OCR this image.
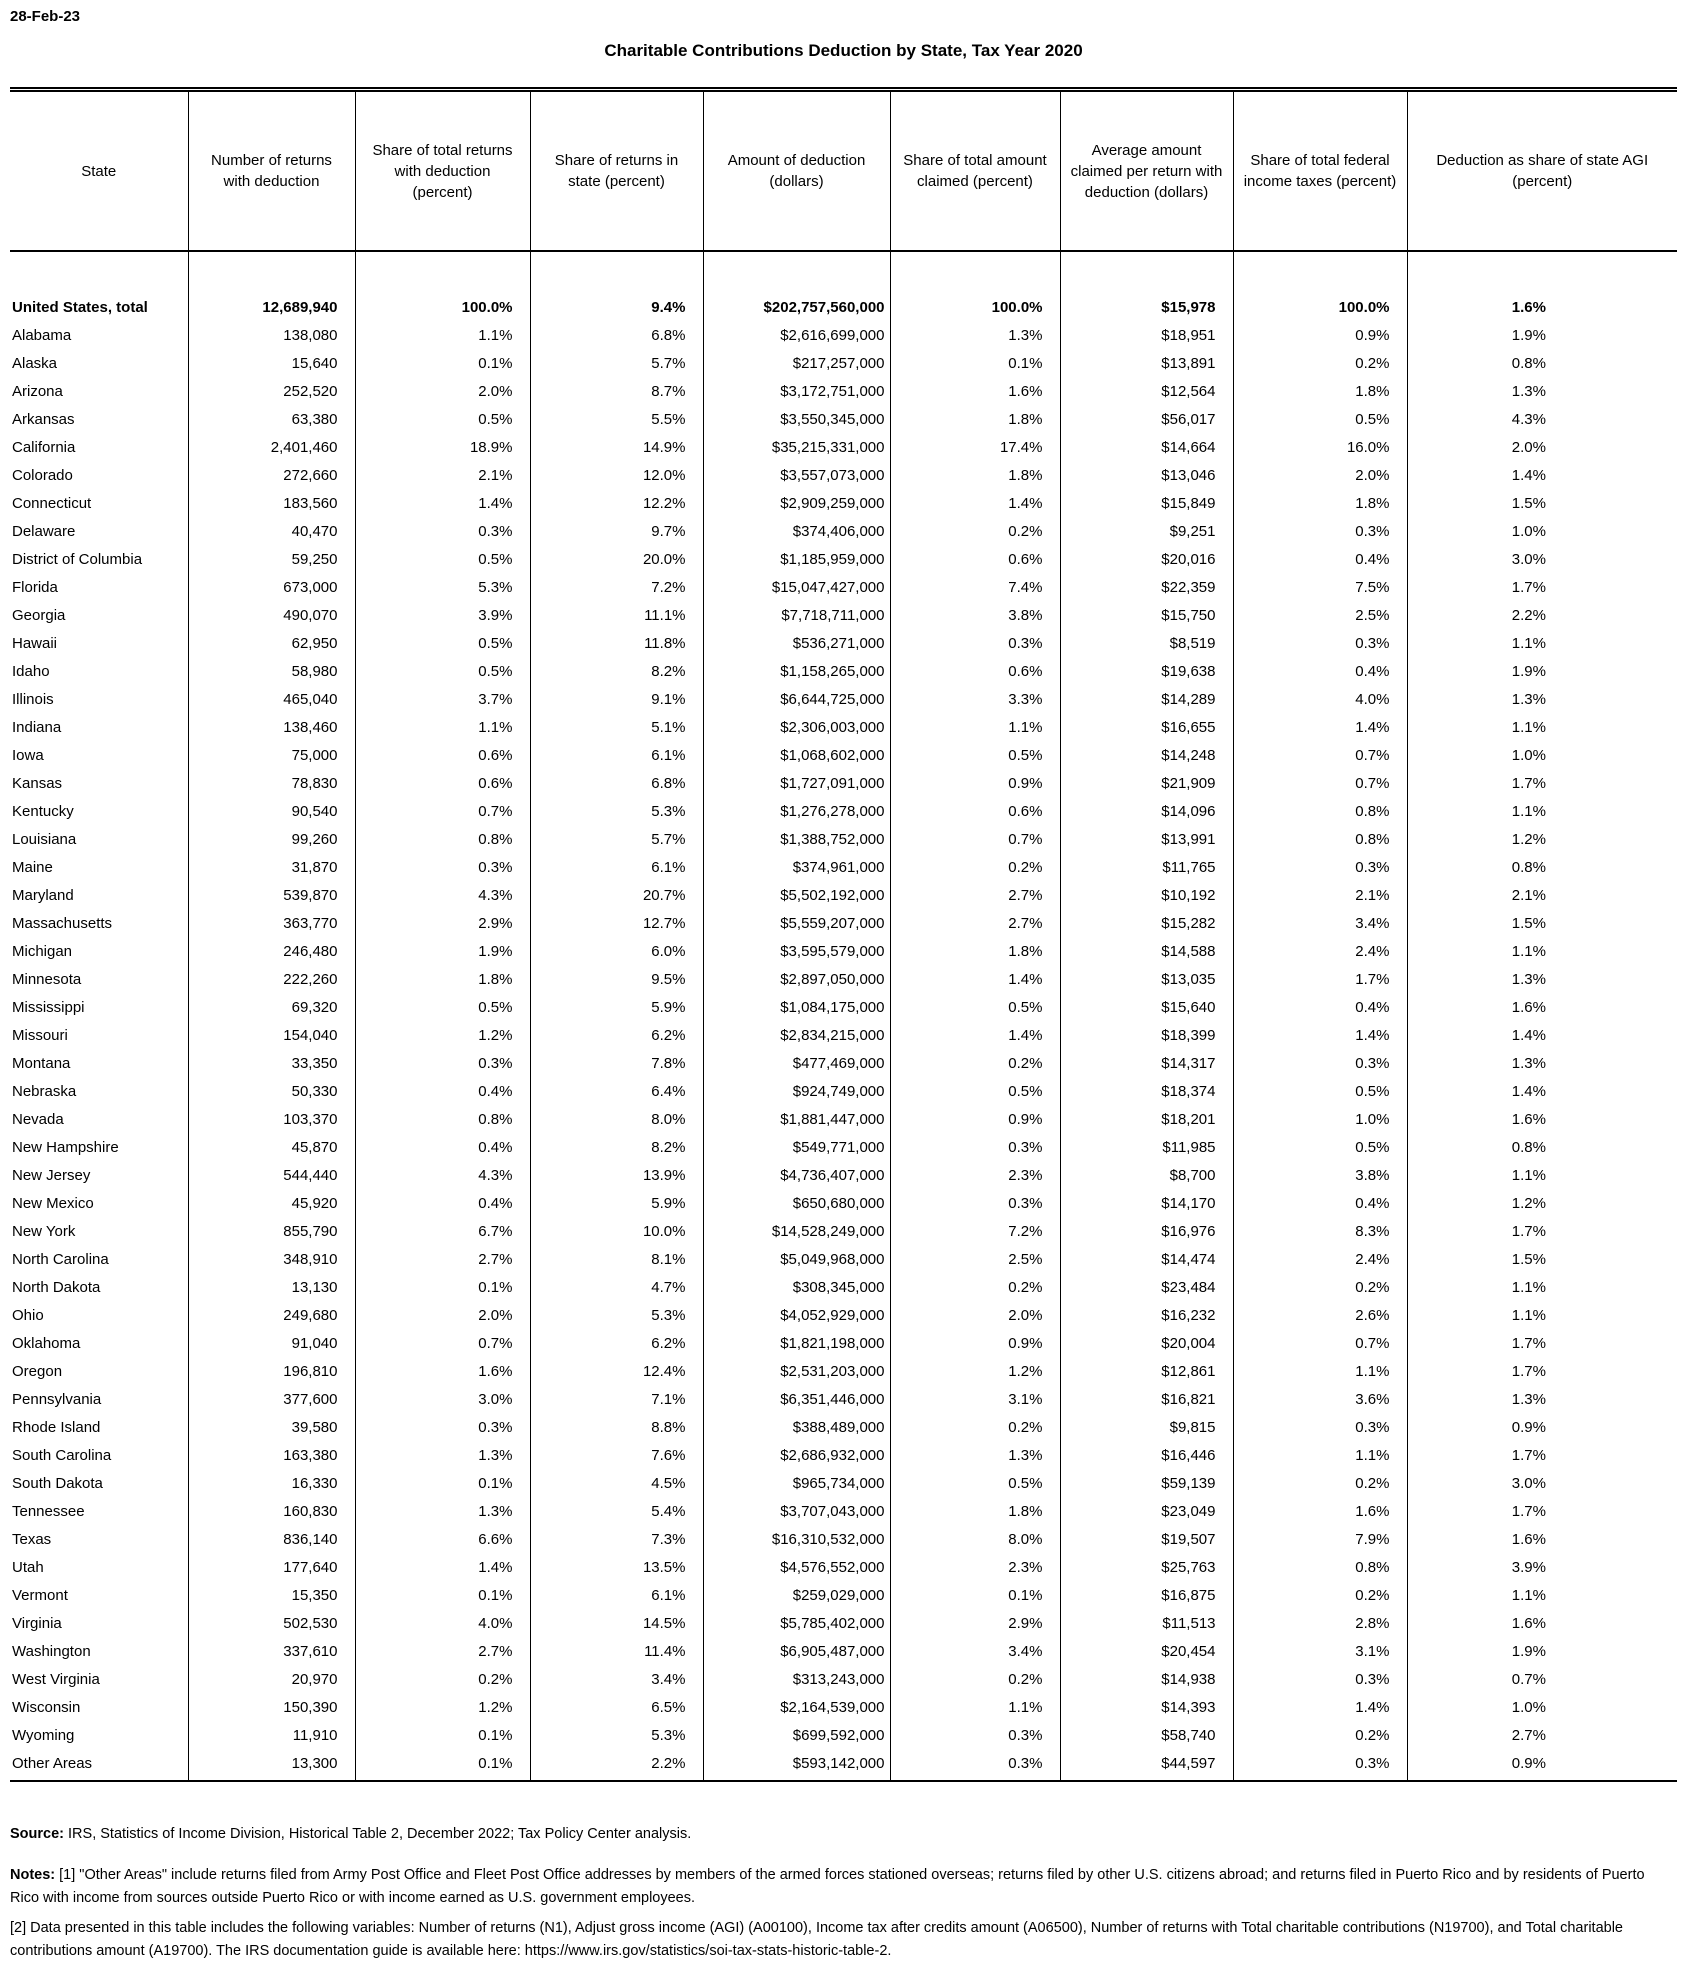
28-Feb-23
Charitable Contributions Deduction by State, Tax Year 2020
State	Number of returns with deduction	Share of total returns with deduction (percent)	Share of returns in state (percent)	Amount of deduction (dollars)	Share of total amount claimed (percent)	Average amount claimed per return with deduction (dollars)	Share of total federal income taxes (percent)	Deduction as share of state AGI (percent)
United States, total	12,689,940	100.0%	9.4%	$202,757,560,000	100.0%	$15,978	100.0%	1.6%
Alabama	138,080	1.1%	6.8%	$2,616,699,000	1.3%	$18,951	0.9%	1.9%
Alaska	15,640	0.1%	5.7%	$217,257,000	0.1%	$13,891	0.2%	0.8%
Arizona	252,520	2.0%	8.7%	$3,172,751,000	1.6%	$12,564	1.8%	1.3%
Arkansas	63,380	0.5%	5.5%	$3,550,345,000	1.8%	$56,017	0.5%	4.3%
California	2,401,460	18.9%	14.9%	$35,215,331,000	17.4%	$14,664	16.0%	2.0%
Colorado	272,660	2.1%	12.0%	$3,557,073,000	1.8%	$13,046	2.0%	1.4%
Connecticut	183,560	1.4%	12.2%	$2,909,259,000	1.4%	$15,849	1.8%	1.5%
Delaware	40,470	0.3%	9.7%	$374,406,000	0.2%	$9,251	0.3%	1.0%
District of Columbia	59,250	0.5%	20.0%	$1,185,959,000	0.6%	$20,016	0.4%	3.0%
Florida	673,000	5.3%	7.2%	$15,047,427,000	7.4%	$22,359	7.5%	1.7%
Georgia	490,070	3.9%	11.1%	$7,718,711,000	3.8%	$15,750	2.5%	2.2%
Hawaii	62,950	0.5%	11.8%	$536,271,000	0.3%	$8,519	0.3%	1.1%
Idaho	58,980	0.5%	8.2%	$1,158,265,000	0.6%	$19,638	0.4%	1.9%
Illinois	465,040	3.7%	9.1%	$6,644,725,000	3.3%	$14,289	4.0%	1.3%
Indiana	138,460	1.1%	5.1%	$2,306,003,000	1.1%	$16,655	1.4%	1.1%
Iowa	75,000	0.6%	6.1%	$1,068,602,000	0.5%	$14,248	0.7%	1.0%
Kansas	78,830	0.6%	6.8%	$1,727,091,000	0.9%	$21,909	0.7%	1.7%
Kentucky	90,540	0.7%	5.3%	$1,276,278,000	0.6%	$14,096	0.8%	1.1%
Louisiana	99,260	0.8%	5.7%	$1,388,752,000	0.7%	$13,991	0.8%	1.2%
Maine	31,870	0.3%	6.1%	$374,961,000	0.2%	$11,765	0.3%	0.8%
Maryland	539,870	4.3%	20.7%	$5,502,192,000	2.7%	$10,192	2.1%	2.1%
Massachusetts	363,770	2.9%	12.7%	$5,559,207,000	2.7%	$15,282	3.4%	1.5%
Michigan	246,480	1.9%	6.0%	$3,595,579,000	1.8%	$14,588	2.4%	1.1%
Minnesota	222,260	1.8%	9.5%	$2,897,050,000	1.4%	$13,035	1.7%	1.3%
Mississippi	69,320	0.5%	5.9%	$1,084,175,000	0.5%	$15,640	0.4%	1.6%
Missouri	154,040	1.2%	6.2%	$2,834,215,000	1.4%	$18,399	1.4%	1.4%
Montana	33,350	0.3%	7.8%	$477,469,000	0.2%	$14,317	0.3%	1.3%
Nebraska	50,330	0.4%	6.4%	$924,749,000	0.5%	$18,374	0.5%	1.4%
Nevada	103,370	0.8%	8.0%	$1,881,447,000	0.9%	$18,201	1.0%	1.6%
New Hampshire	45,870	0.4%	8.2%	$549,771,000	0.3%	$11,985	0.5%	0.8%
New Jersey	544,440	4.3%	13.9%	$4,736,407,000	2.3%	$8,700	3.8%	1.1%
New Mexico	45,920	0.4%	5.9%	$650,680,000	0.3%	$14,170	0.4%	1.2%
New York	855,790	6.7%	10.0%	$14,528,249,000	7.2%	$16,976	8.3%	1.7%
North Carolina	348,910	2.7%	8.1%	$5,049,968,000	2.5%	$14,474	2.4%	1.5%
North Dakota	13,130	0.1%	4.7%	$308,345,000	0.2%	$23,484	0.2%	1.1%
Ohio	249,680	2.0%	5.3%	$4,052,929,000	2.0%	$16,232	2.6%	1.1%
Oklahoma	91,040	0.7%	6.2%	$1,821,198,000	0.9%	$20,004	0.7%	1.7%
Oregon	196,810	1.6%	12.4%	$2,531,203,000	1.2%	$12,861	1.1%	1.7%
Pennsylvania	377,600	3.0%	7.1%	$6,351,446,000	3.1%	$16,821	3.6%	1.3%
Rhode Island	39,580	0.3%	8.8%	$388,489,000	0.2%	$9,815	0.3%	0.9%
South Carolina	163,380	1.3%	7.6%	$2,686,932,000	1.3%	$16,446	1.1%	1.7%
South Dakota	16,330	0.1%	4.5%	$965,734,000	0.5%	$59,139	0.2%	3.0%
Tennessee	160,830	1.3%	5.4%	$3,707,043,000	1.8%	$23,049	1.6%	1.7%
Texas	836,140	6.6%	7.3%	$16,310,532,000	8.0%	$19,507	7.9%	1.6%
Utah	177,640	1.4%	13.5%	$4,576,552,000	2.3%	$25,763	0.8%	3.9%
Vermont	15,350	0.1%	6.1%	$259,029,000	0.1%	$16,875	0.2%	1.1%
Virginia	502,530	4.0%	14.5%	$5,785,402,000	2.9%	$11,513	2.8%	1.6%
Washington	337,610	2.7%	11.4%	$6,905,487,000	3.4%	$20,454	3.1%	1.9%
West Virginia	20,970	0.2%	3.4%	$313,243,000	0.2%	$14,938	0.3%	0.7%
Wisconsin	150,390	1.2%	6.5%	$2,164,539,000	1.1%	$14,393	1.4%	1.0%
Wyoming	11,910	0.1%	5.3%	$699,592,000	0.3%	$58,740	0.2%	2.7%
Other Areas	13,300	0.1%	2.2%	$593,142,000	0.3%	$44,597	0.3%	0.9%

Source: IRS, Statistics of Income Division, Historical Table 2, December 2022; Tax Policy Center analysis.

Notes: [1] "Other Areas" include returns filed from Army Post Office and Fleet Post Office addresses by members of the armed forces stationed overseas; returns filed by other U.S. citizens abroad; and returns filed in Puerto Rico and by residents of Puerto Rico with income from sources outside Puerto Rico or with income earned as U.S. government employees.

[2] Data presented in this table includes the following variables: Number of returns (N1), Adjust gross income (AGI) (A00100), Income tax after credits amount (A06500), Number of returns with Total charitable contributions (N19700), and Total charitable contributions amount (A19700). The IRS documentation guide is available here: https://www.irs.gov/statistics/soi-tax-stats-historic-table-2.
